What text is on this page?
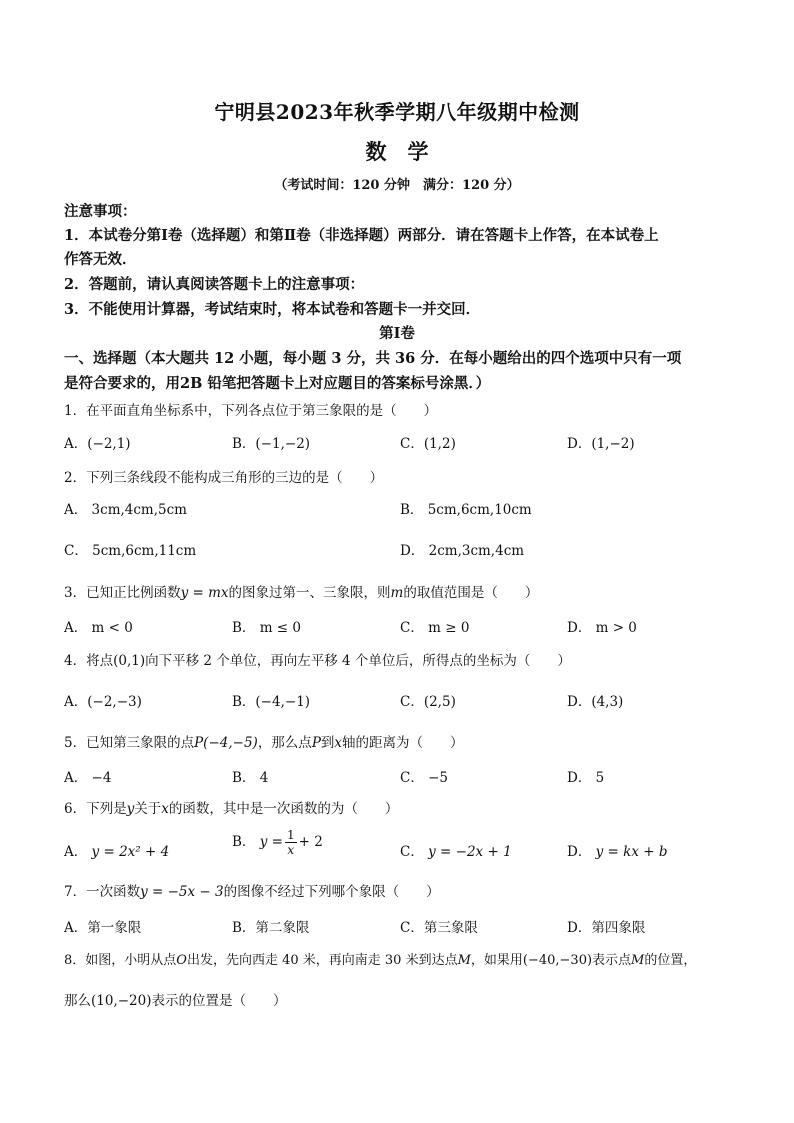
宁明县2023年秋季学期八年级期中检测
数　学
（考试时间：120 分钟　满分：120 分）
注意事项：
1．本试卷分第Ⅰ卷（选择题）和第Ⅱ卷（非选择题）两部分．请在答题卡上作答，在本试卷上
作答无效．
2．答题前，请认真阅读答题卡上的注意事项：
3．不能使用计算器，考试结束时，将本试卷和答题卡一并交回．
第Ⅰ卷
一、选择题（本大题共 12 小题，每小题 3 分，共 36 分．在每小题给出的四个选项中只有一项
是符合要求的，用2B 铅笔把答题卡上对应题目的答案标号涂黑．）
1．在平面直角坐标系中，下列各点位于第三象限的是（　　）
A．(−2,1)	B．(−1,−2)	C．(1,2)	D．(1,−2)
2．下列三条线段不能构成三角形的三边的是（　　）
A． 3cm,4cm,5cm	B． 5cm,6cm,10cm
C． 5cm,6cm,11cm	D． 2cm,3cm,4cm
3．已知正比例函数y = mx的图象过第一、三象限，则m的取值范围是（　　）
A． m < 0	B． m ≤ 0	C． m ≥ 0	D． m > 0
4．将点(0,1)向下平移 2 个单位，再向左平移 4 个单位后，所得点的坐标为（　　）
A．(−2,−3)	B．(−4,−1)	C．(2,5)	D．(4,3)
5．已知第三象限的点P(−4,−5)，那么点P到x轴的距离为（　　）
A． −4	B． 4	C． −5	D． 5
6．下列是y关于x的函数，其中是一次函数的为（　　）
A． y = 2x² + 4
B． $y = \frac{1}{x} + 2$
C． y = −2x + 1	D． y = kx + b
7．一次函数y = −5x − 3的图像不经过下列哪个象限（　　）
A．第一象限	B．第二象限	C．第三象限	D．第四象限
8．如图，小明从点O出发，先向西走 40 米，再向南走 30 米到达点M，如果用(−40,−30)表示点M的位置，
那么(10,−20)表示的位置是（　　）
